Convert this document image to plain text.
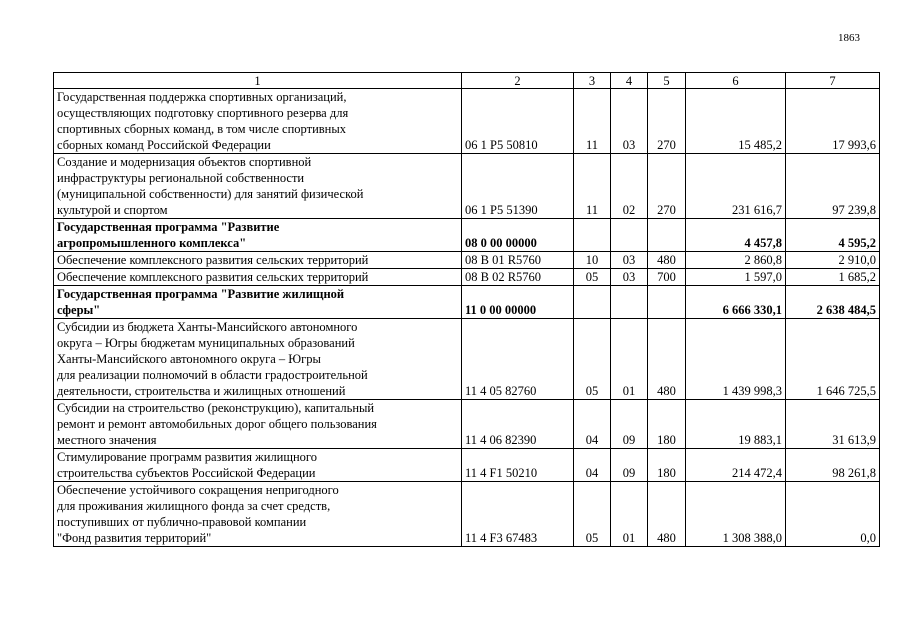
1863
1	2	3	4	5	6	7
Государственная поддержка спортивных организаций,
осуществляющих подготовку спортивного резерва для
спортивных сборных команд, в том числе спортивных
сборных команд Российской Федерации	06 1 P5 50810	11	03	270	15 485,2	17 993,6
Создание и модернизация объектов спортивной
инфраструктуры региональной собственности
(муниципальной собственности) для занятий физической
культурой и спортом	06 1 P5 51390	11	02	270	231 616,7	97 239,8
Государственная программа "Развитие
агропромышленного комплекса"	08 0 00 00000				4 457,8	4 595,2
Обеспечение комплексного развития сельских территорий	08 B 01 R5760	10	03	480	2 860,8	2 910,0
Обеспечение комплексного развития сельских территорий	08 B 02 R5760	05	03	700	1 597,0	1 685,2
Государственная программа "Развитие жилищной
сферы"	11 0 00 00000				6 666 330,1	2 638 484,5
Субсидии из бюджета Ханты-Мансийского автономного
округа – Югры бюджетам муниципальных образований
Ханты-Мансийского автономного округа – Югры
для реализации полномочий в области градостроительной
деятельности, строительства и жилищных отношений	11 4 05 82760	05	01	480	1 439 998,3	1 646 725,5
Субсидии на строительство (реконструкцию), капитальный
ремонт и ремонт автомобильных дорог общего пользования
местного значения	11 4 06 82390	04	09	180	19 883,1	31 613,9
Стимулирование программ развития жилищного
строительства субъектов Российской Федерации	11 4 F1 50210	04	09	180	214 472,4	98 261,8
Обеспечение устойчивого сокращения непригодного
для проживания жилищного фонда за счет средств,
поступивших от публично-правовой компании
"Фонд развития территорий"	11 4 F3 67483	05	01	480	1 308 388,0	0,0
